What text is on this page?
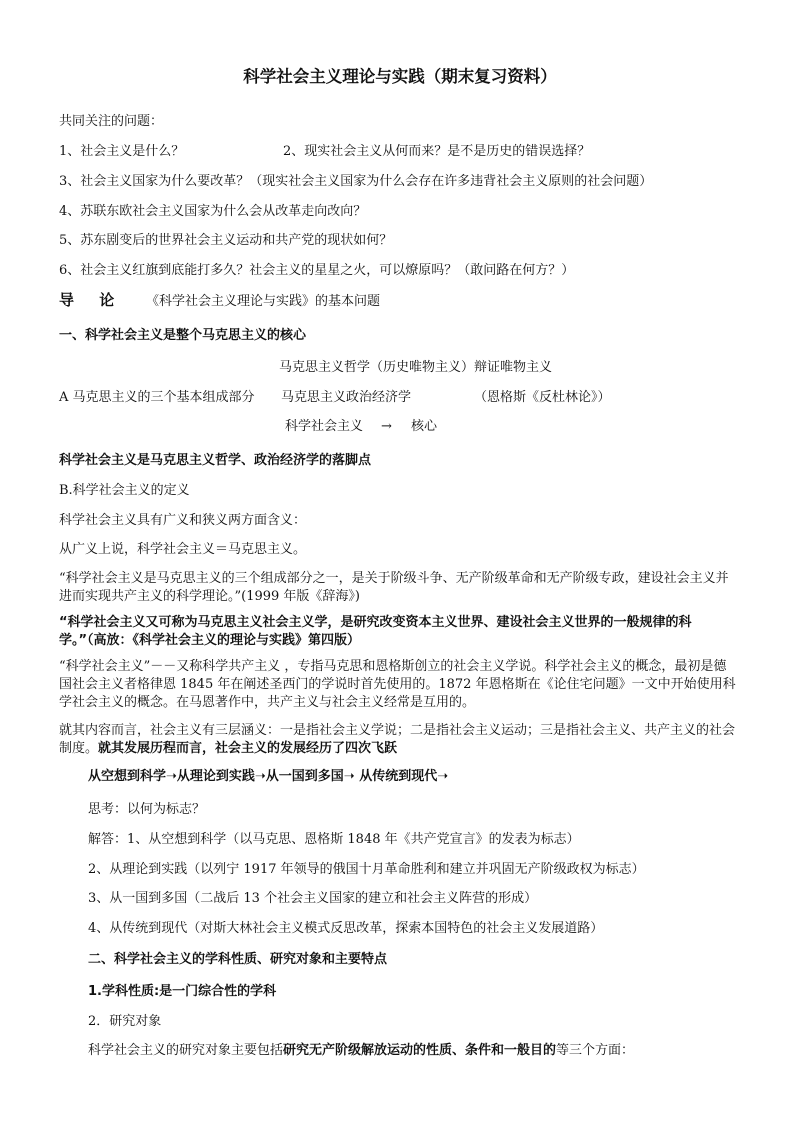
科学社会主义理论与实践（期末复习资料）
共同关注的问题：
1、社会主义是什么？	2、现实社会主义从何而来？是不是历史的错误选择？
3、社会主义国家为什么要改革？（现实社会主义国家为什么会存在许多违背社会主义原则的社会问题）
4、苏联东欧社会主义国家为什么会从改革走向改向？
5、苏东剧变后的世界社会主义运动和共产党的现状如何？
6、社会主义红旗到底能打多久？社会主义的星星之火，可以燎原吗？（敢问路在何方？）
导 论 《科学社会主义理论与实践》的基本问题
一、科学社会主义是整个马克思主义的核心
马克思主义哲学（历史唯物主义）辩证唯物主义
A 马克思主义的三个基本组成部分 马克思主义政治经济学	（恩格斯《反杜林论》）
科学社会主义 → 核心
科学社会主义是马克思主义哲学、政治经济学的落脚点
B.科学社会主义的定义
科学社会主义具有广义和狭义两方面含义：
从广义上说，科学社会主义＝马克思主义。
“科学社会主义是马克思主义的三个组成部分之一，是关于阶级斗争、无产阶级革命和无产阶级专政，建设社会主义并进而实现共产主义的科学理论。”(1999 年版《辞海》)
“科学社会主义又可称为马克思主义社会主义学，是研究改变资本主义世界、建设社会主义世界的一般规律的科学。”（高放：《科学社会主义的理论与实践》第四版）
“科学社会主义”－－又称科学共产主义 ，专指马克思和恩格斯创立的社会主义学说。科学社会主义的概念，最初是德国社会主义者格律恩 1845 年在阐述圣西门的学说时首先使用的。1872 年恩格斯在《论住宅问题》一文中开始使用科学社会主义的概念。在马恩著作中，共产主义与社会主义经常是互用的。
就其内容而言，社会主义有三层涵义：一是指社会主义学说；二是指社会主义运动；三是指社会主义、共产主义的社会制度。就其发展历程而言，社会主义的发展经历了四次飞跃
从空想到科学➝从理论到实践➝从一国到多国➝ 从传统到现代➝
思考：以何为标志？
解答：1、从空想到科学（以马克思、恩格斯 1848 年《共产党宣言》的发表为标志）
2、从理论到实践（以列宁 1917 年领导的俄国十月革命胜利和建立并巩固无产阶级政权为标志）
3、从一国到多国（二战后 13 个社会主义国家的建立和社会主义阵营的形成）
4、从传统到现代（对斯大林社会主义模式反思改革，探索本国特色的社会主义发展道路）
二、科学社会主义的学科性质、研究对象和主要特点
1.学科性质:是一门综合性的学科
2．研究对象
科学社会主义的研究对象主要包括研究无产阶级解放运动的性质、条件和一般目的等三个方面：
